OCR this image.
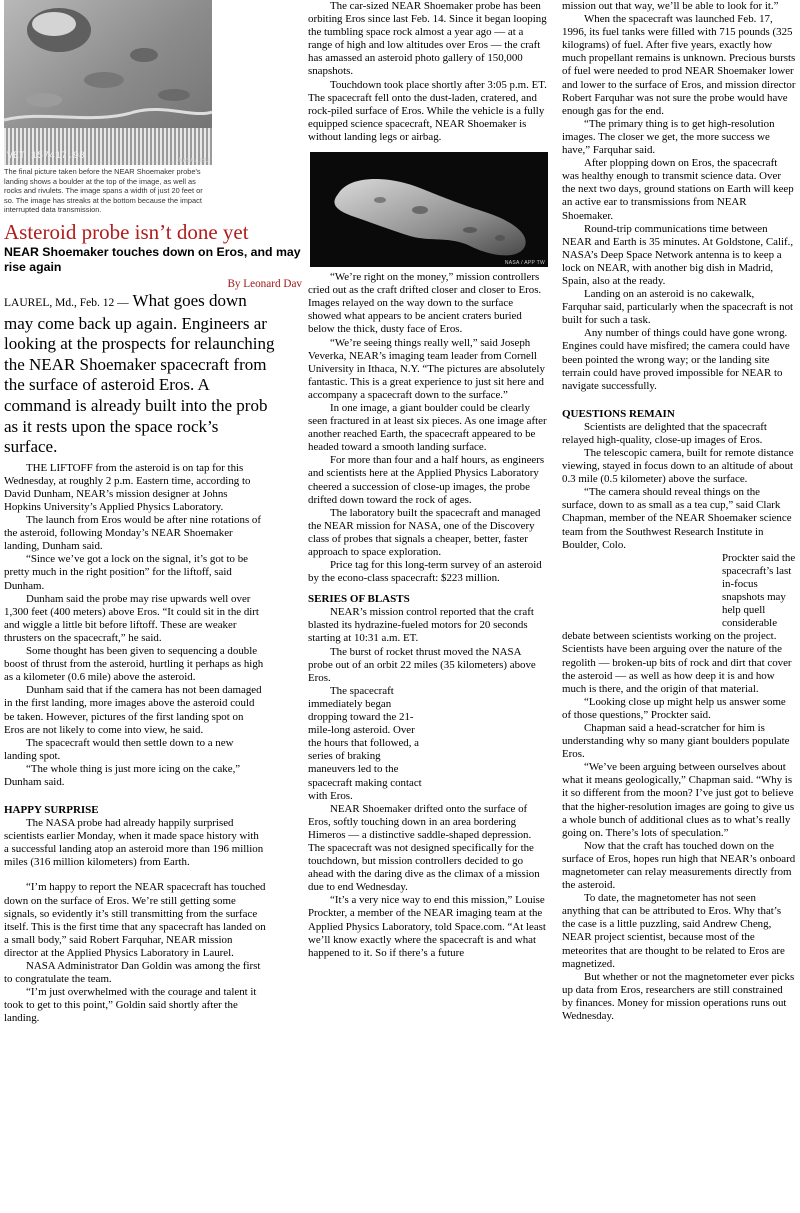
VET 157417.98	NASA / JHU
The final picture taken before the NEAR Shoemaker probe's landing shows a boulder at the top of the image, as well as rocks and rivulets. The image spans a width of just 20 feet or so. The image has streaks at the bottom because the impact interrupted data transmission.
Asteroid probe isn’t done yet
NEAR Shoemaker touches down on Eros, and may rise again
By Leonard Dav
LAUREL, Md., Feb. 12 — What goes down
may come back up again. Engineers ar
looking at the prospects for relaunching
the NEAR Shoemaker spacecraft from
the surface of asteroid Eros. A
command is already built into the prob
as it rests upon the space rock’s
surface.

THE LIFTOFF from the asteroid is on tap for this Wednesday, at roughly 2 p.m. Eastern time, according to David Dunham, NEAR’s mission designer at Johns Hopkins University’s Applied Physics Laboratory.

The launch from Eros would be after nine rotations of the asteroid, following Monday’s NEAR Shoemaker landing, Dunham said.

“Since we’ve got a lock on the signal, it’s got to be pretty much in the right position” for the liftoff, said Dunham.

Dunham said the probe may rise upwards well over 1,300 feet (400 meters) above Eros. “It could sit in the dirt and wiggle a little bit before liftoff. These are weaker thrusters on the spacecraft,” he said.

Some thought has been given to sequencing a double boost of thrust from the asteroid, hurtling it perhaps as high as a kilometer (0.6 mile) above the asteroid.

Dunham said that if the camera has not been damaged in the first landing, more images above the asteroid could be taken. However, pictures of the first landing spot on Eros are not likely to come into view, he said.

The spacecraft would then settle down to a new landing spot.

“The whole thing is just more icing on the cake,” Dunham said.

HAPPY SURPRISE

The NASA probe had already happily surprised scientists earlier Monday, when it made space history with a successful landing atop an asteroid more than 196 million miles (316 million kilometers) from Earth.

“I’m happy to report the NEAR spacecraft has touched down on the surface of Eros. We’re still getting some signals, so evidently it’s still transmitting from the surface itself. This is the first time that any spacecraft has landed on a small body,” said Robert Farquhar, NEAR mission director at the Applied Physics Laboratory in Laurel.

NASA Administrator Dan Goldin was among the first to congratulate the team.

“I’m just overwhelmed with the courage and talent it took to get to this point,” Goldin said shortly after the landing.

The car-sized NEAR Shoemaker probe has been orbiting Eros since last Feb. 14. Since it began looping the tumbling space rock almost a year ago — at a range of high and low altitudes over Eros — the craft has amassed an asteroid photo gallery of 150,000 snapshots.

Touchdown took place shortly after 3:05 p.m. ET. The spacecraft fell onto the dust-laden, cratered, and rock-piled surface of Eros. While the vehicle is a fully equipped science spacecraft, NEAR Shoemaker is without landing legs or airbag.

NASA / APP TW

“We’re right on the money,” mission controllers cried out as the craft drifted closer and closer to Eros. Images relayed on the way down to the surface showed what appears to be ancient craters buried below the thick, dusty face of Eros.

“We’re seeing things really well,” said Joseph Veverka, NEAR’s imaging team leader from Cornell University in Ithaca, N.Y. “The pictures are absolutely fantastic. This is a great experience to just sit here and accompany a spacecraft down to the surface.”

In one image, a giant boulder could be clearly seen fractured in at least six pieces. As one image after another reached Earth, the spacecraft appeared to be headed toward a smooth landing surface.

For more than four and a half hours, as engineers and scientists here at the Applied Physics Laboratory cheered a succession of close-up images, the probe drifted down toward the rock of ages.

The laboratory built the spacecraft and managed the NEAR mission for NASA, one of the Discovery class of probes that signals a cheaper, better, faster approach to space exploration.

Price tag for this long-term survey of an asteroid by the econo-class spacecraft: $223 million.

SERIES OF BLASTS

NEAR’s mission control reported that the craft blasted its hydrazine-fueled motors for 20 seconds starting at 10:31 a.m. ET.

The burst of rocket thrust moved the NASA probe out of an orbit 22 miles (35 kilometers) above Eros.

The spacecraft immediately began dropping toward the 21-mile-long asteroid. Over the hours that followed, a series of braking maneuvers led to the spacecraft making contact with Eros.

NEAR Shoemaker drifted onto the surface of Eros, softly touching down in an area bordering Himeros — a distinctive saddle-shaped depression. The spacecraft was not designed specifically for the touchdown, but mission controllers decided to go ahead with the daring dive as the climax of a mission due to end Wednesday.

“It’s a very nice way to end this mission,” Louise Prockter, a member of the NEAR imaging team at the Applied Physics Laboratory, told Space.com. “At least we’ll know exactly where the spacecraft is and what happened to it. So if there’s a future

mission out that way, we’ll be able to look for it.”

When the spacecraft was launched Feb. 17, 1996, its fuel tanks were filled with 715 pounds (325 kilograms) of fuel. After five years, exactly how much propellant remains is unknown. Precious bursts of fuel were needed to prod NEAR Shoemaker lower and lower to the surface of Eros, and mission director Robert Farquhar was not sure the probe would have enough gas for the end.

“The primary thing is to get high-resolution images. The closer we get, the more success we have,” Farquhar said.

After plopping down on Eros, the spacecraft was healthy enough to transmit science data. Over the next two days, ground stations on Earth will keep an active ear to transmissions from NEAR Shoemaker.

Round-trip communications time between NEAR and Earth is 35 minutes. At Goldstone, Calif., NASA’s Deep Space Network antenna is to keep a lock on NEAR, with another big dish in Madrid, Spain, also at the ready.

Landing on an asteroid is no cakewalk, Farquhar said, particularly when the spacecraft is not built for such a task.

Any number of things could have gone wrong. Engines could have misfired; the camera could have been pointed the wrong way; or the landing site terrain could have proved impossible for NEAR to navigate successfully.

QUESTIONS REMAIN

Scientists are delighted that the spacecraft relayed high-quality, close-up images of Eros.

The telescopic camera, built for remote distance viewing, stayed in focus down to an altitude of about 0.3 mile (0.5 kilometer) above the surface.

“The camera should reveal things on the surface, down to as small as a tea cup,” said Clark Chapman, member of the NEAR Shoemaker science team from the Southwest Research Institute in Boulder, Colo.

Prockter said the spacecraft’s last in-focus snapshots may help quell considerable

debate between scientists working on the project. Scientists have been arguing over the nature of the regolith — broken-up bits of rock and dirt that cover the asteroid — as well as how deep it is and how much is there, and the origin of that material.

“Looking close up might help us answer some of those questions,” Prockter said.

Chapman said a head-scratcher for him is understanding why so many giant boulders populate Eros.

“We’ve been arguing between ourselves about what it means geologically,” Chapman said. “Why is it so different from the moon? I’ve just got to believe that the higher-resolution images are going to give us a whole bunch of additional clues as to what’s really going on. There’s lots of speculation.”

Now that the craft has touched down on the surface of Eros, hopes run high that NEAR’s onboard magnetometer can relay measurements directly from the asteroid.

To date, the magnetometer has not seen anything that can be attributed to Eros. Why that’s the case is a little puzzling, said Andrew Cheng, NEAR project scientist, because most of the meteorites that are thought to be related to Eros are magnetized.

But whether or not the magnetometer ever picks up data from Eros, researchers are still constrained by finances. Money for mission operations runs out Wednesday.
